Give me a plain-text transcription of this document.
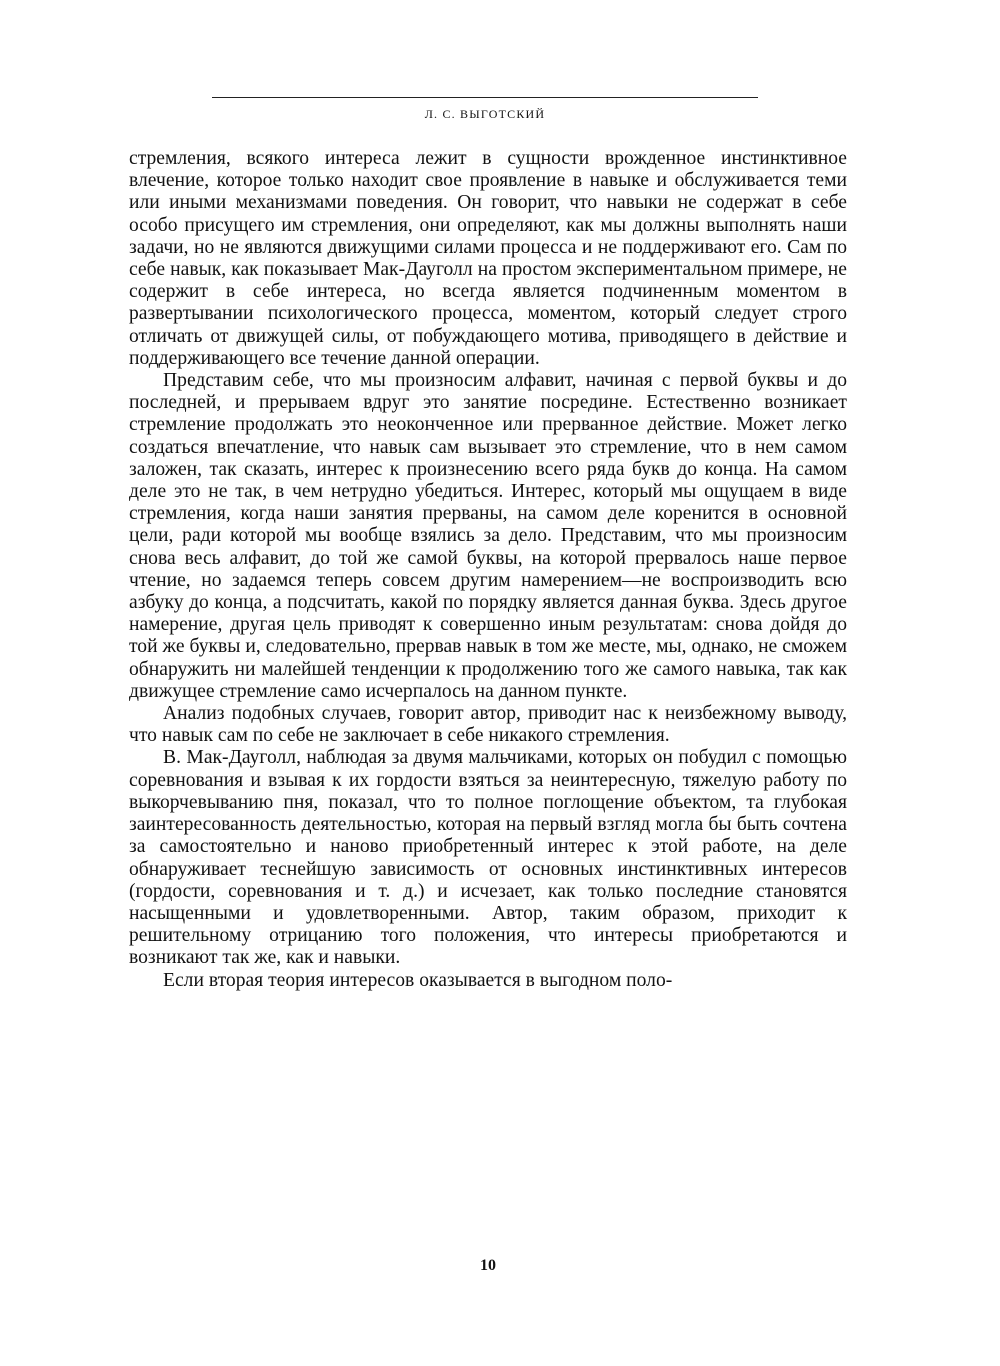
Л. С. ВЫГОТСКИЙ

стремления, всякого интереса лежит в сущности врожденное инстинктивное влечение, которое только находит свое проявление в навыке и обслуживается теми или иными механизмами поведения. Он говорит, что навыки не содержат в себе особо присущего им стремления, они определяют, как мы должны выполнять наши задачи, но не являются движущими силами процесса и не поддерживают его. Сам по себе навык, как показывает Мак-Дауголл на простом экспериментальном примере, не содержит в себе интереса, но всегда является подчиненным моментом в развертывании психологического процесса, моментом, который следует строго отличать от движущей силы, от побуждающего мотива, приводящего в действие и поддерживающего все течение данной операции.

Представим себе, что мы произносим алфавит, начиная с первой буквы и до последней, и прерываем вдруг это занятие посредине. Естественно возникает стремление продолжать это неоконченное или прерванное действие. Может легко создаться впечатление, что навык сам вызывает это стремление, что в нем самом заложен, так сказать, интерес к произнесению всего ряда букв до конца. На самом деле это не так, в чем нетрудно убедиться. Интерес, который мы ощущаем в виде стремления, когда наши занятия прерваны, на самом деле коренится в основной цели, ради которой мы вообще взялись за дело. Представим, что мы произносим снова весь алфавит, до той же самой буквы, на которой прервалось наше первое чтение, но задаемся теперь совсем другим намерением—не воспроизводить всю азбуку до конца, а подсчитать, какой по порядку является данная буква. Здесь другое намерение, другая цель приводят к совершенно иным результатам: снова дойдя до той же буквы и, следовательно, прервав навык в том же месте, мы, однако, не сможем обнаружить ни малейшей тенденции к продолжению того же самого навыка, так как движущее стремление само исчерпалось на данном пункте.

Анализ подобных случаев, говорит автор, приводит нас к неизбежному выводу, что навык сам по себе не заключает в себе никакого стремления.

В. Мак-Дауголл, наблюдая за двумя мальчиками, которых он побудил с помощью соревнования и взывая к их гордости взяться за неинтересную, тяжелую работу по выкорчевыванию пня, показал, что то полное поглощение объектом, та глубокая заинтересованность деятельностью, которая на первый взгляд могла бы быть сочтена за самостоятельно и наново приобретенный интерес к этой работе, на деле обнаруживает теснейшую зависимость от основных инстинктивных интересов (гордости, соревнования и т. д.) и исчезает, как только последние становятся насыщенными и удовлетворенными. Автор, таким образом, приходит к решительному отрицанию того положения, что интересы приобретаются и возникают так же, как и навыки.

Если вторая теория интересов оказывается в выгодном поло-

10
